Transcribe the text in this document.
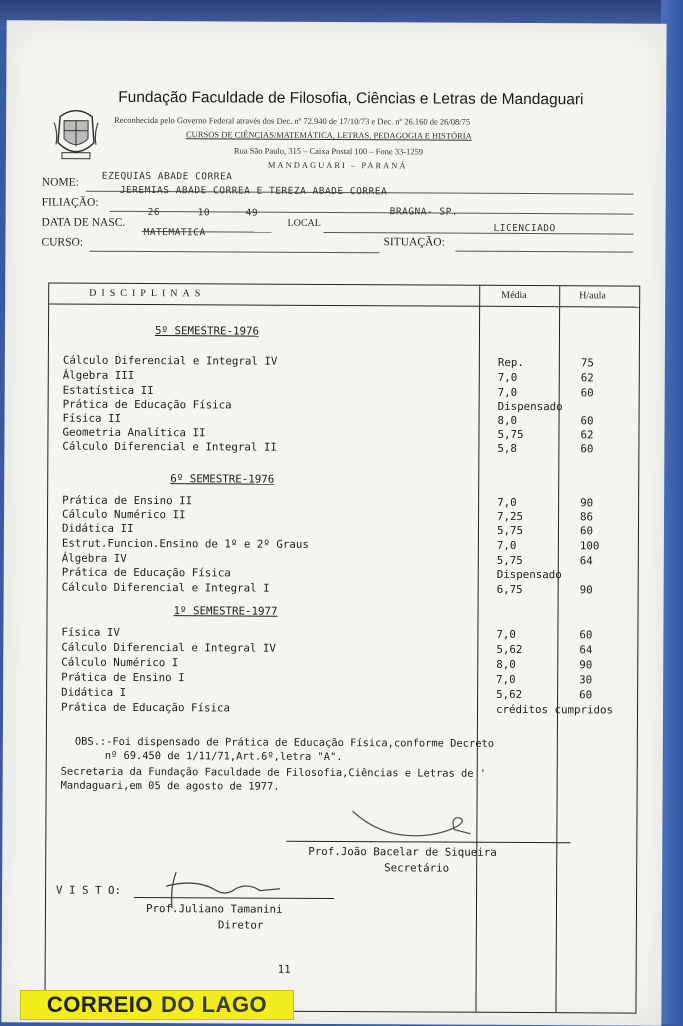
Fundação Faculdade de Filosofia, Ciências e Letras de Mandaguari
Reconhecida pelo Governo Federal através dos Dec. nº 72.940 de 17/10/73 e Dec. nº 26.160 de 26/08/75
CURSOS DE CIÊNCIAS/MATEMÁTICA, LETRAS, PEDAGOGIA E HISTÓRIA
Rua São Paulo, 315 – Caixa Postal 100 – Fone 33-1259
MANDAGUARI – PARANÁ
NOME: EZEQUIAS ABADE CORREA
FILIAÇÃO:
JEREMIAS ABADE CORREA E TEREZA ABADE CORREA
DATA DE NASC.
26	10	49
LOCAL
BRAGNA- SP.
CURSO:
MATEMATICA
SITUAÇÃO:
LICENCIADO
DISCIPLINAS	Média	H/aula
5º SEMESTRE-1976
Cálculo Diferencial e Integral IV	Rep.	75
Álgebra III	7,0	62
Estatística II	7,0	60
Prática de Educação Física	Dispensado
Física II	8,0	60
Geometria Analítica II	5,75	62
Cálculo Diferencial e Integral II	5,8	60
6º SEMESTRE-1976
Prática de Ensino II	7,0	90
Cálculo Numérico II	7,25	86
Didática II	5,75	60
Estrut.Funcion.Ensino de 1º e 2º Graus	7,0	100
Álgebra IV	5,75	64
Prática de Educação Física	Dispensado
Cálculo Diferencial e Integral I	6,75	90
1º SEMESTRE-1977
Física IV	7,0	60
Cálculo Diferencial e Integral IV	5,62	64
Cálculo Numérico I	8,0	90
Prática de Ensino I	7,0	30
Didática I	5,62	60
Prática de Educação Física	créditos cumpridos
OBS.:-Foi dispensado de Prática de Educação Física,conforme Decreto
nº 69.450 de 1/11/71,Art.6º,letra "A".
Secretaria da Fundação Faculdade de Filosofia,Ciências e Letras de '
Mandaguari,em 05 de agosto de 1977.
Prof.João Bacelar de Siqueira
Secretário
V I S T O:
Prof.Juliano Tamanini
Diretor
11
CORREIO DO LAGO
